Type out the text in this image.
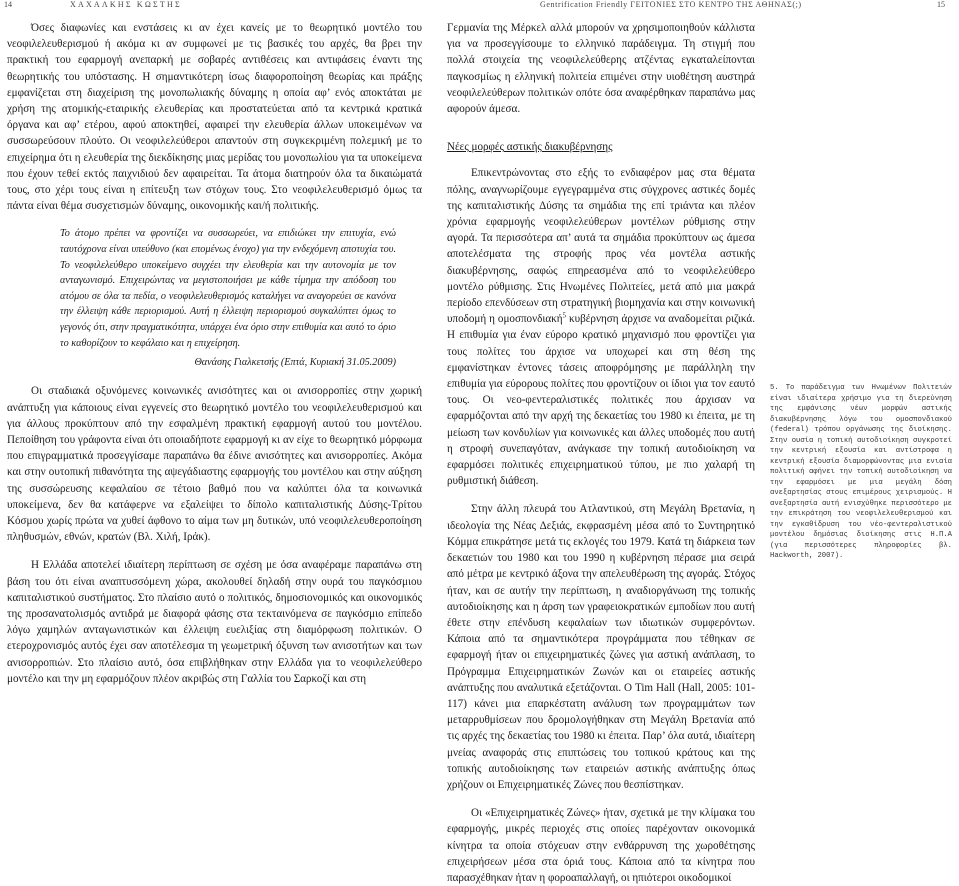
14	ΧΑΧΑΛΚΗΣ ΚΩΣΤΗΣ	Gentrification Friendly ΓΕΙΤΟΝΙΕΣ ΣΤΟ ΚΕΝΤΡΟ ΤΗΣ ΑΘΗΝΑΣ(;)	15

Όσες διαφωνίες και ενστάσεις κι αν έχει κανείς με το θεωρητικό μοντέλο του νεοφιλελευθερισμού ή ακόμα κι αν συμφωνεί με τις βασικές του αρχές, θα βρει την πρακτική του εφαρμογή ανεπαρκή με σοβαρές αντιθέσεις και αντιφάσεις έναντι της θεωρητικής του υπόστασης. Η σημαντικότερη ίσως διαφοροποίηση θεωρίας και πράξης εμφανίζεται στη διαχείριση της μονοπωλιακής δύναμης η οποία αφ’ ενός αποκτάται με χρήση της ατομικής-εταιρικής ελευθερίας και προστατεύεται από τα κεντρικά κρατικά όργανα και αφ’ ετέρου, αφού αποκτηθεί, αφαιρεί την ελευθερία άλλων υποκειμένων να συσσωρεύσουν πλούτο. Οι νεοφιλελεύθεροι απαντούν στη συγκεκριμένη πολεμική με το επιχείρημα ότι η ελευθερία της διεκδίκησης μιας μερίδας του μονοπωλίου για τα υποκείμενα που έχουν τεθεί εκτός παιχνιδιού δεν αφαιρείται. Τα άτομα διατηρούν όλα τα δικαιώματά τους, στο χέρι τους είναι η επίτευξη των στόχων τους. Στο νεοφιλελευθερισμό όμως τα πάντα είναι θέμα συσχετισμών δύναμης, οικονομικής και/ή πολιτικής.

Το άτομο πρέπει να φροντίζει να συσσωρεύει, να επιδιώκει την επιτυχία, ενώ ταυτόχρονα είναι υπεύθυνο (και επομένως ένοχο) για την ενδεχόμενη αποτυχία του. Το νεοφιλελεύθερο υποκείμενο συγχέει την ελευθερία και την αυτονομία με τον ανταγωνισμό. Επιχειρώντας να μεγιστοποιήσει με κάθε τίμημα την απόδοση του ατόμου σε όλα τα πεδία, ο νεοφιλελευθερισμός καταλήγει να αναγορεύει σε κανόνα την έλλειψη κάθε περιορισμού. Αυτή η έλλειψη περιορισμού συγκαλύπτει όμως το γεγονός ότι, στην πραγματικότητα, υπάρχει ένα όριο στην επιθυμία και αυτό το όριο το καθορίζουν το κεφάλαιο και η επιχείρηση.

Θανάσης Γιαλκετσής (Επτά, Κυριακή 31.05.2009)

Οι σταδιακά οξυνόμενες κοινωνικές ανισότητες και οι ανισορροπίες στην χωρική ανάπτυξη για κάποιους είναι εγγενείς στο θεωρητικό μοντέλο του νεοφιλελευθερισμού και για άλλους προκύπτουν από την εσφαλμένη πρακτική εφαρμογή αυτού του μοντέλου. Πεποίθηση του γράφοντα είναι ότι οποιαδήποτε εφαρμογή κι αν είχε το θεωρητικό μόρφωμα που επιγραμματικά προσεγγίσαμε παραπάνω θα έδινε ανισότητες και ανισορροπίες. Ακόμα και στην ουτοπική πιθανότητα της αψεγάδιαστης εφαρμογής του μοντέλου και στην αύξηση της συσσώρευσης κεφαλαίου σε τέτοιο βαθμό που να καλύπτει όλα τα κοινωνικά υποκείμενα, δεν θα κατάφερνε να εξαλείψει το δίπολο καπιταλιστικής Δύσης-Τρίτου Κόσμου χωρίς πρώτα να χυθεί άφθονο το αίμα των μη δυτικών, υπό νεοφιλελευθεροποίηση πληθυσμών, εθνών, κρατών (Βλ. Χιλή, Ιράκ).

Η Ελλάδα αποτελεί ιδιαίτερη περίπτωση σε σχέση με όσα αναφέραμε παραπάνω στη βάση του ότι είναι αναπτυσσόμενη χώρα, ακολουθεί δηλαδή στην ουρά του παγκόσμιου καπιταλιστικού συστήματος. Στο πλαίσιο αυτό ο πολιτικός, δημοσιονομικός και οικονομικός της προσανατολισμός αντιδρά με διαφορά φάσης στα τεκταινόμενα σε παγκόσμιο επίπεδο λόγω χαμηλών ανταγωνιστικών και έλλειψη ευελιξίας στη διαμόρφωση πολιτικών. Ο ετεροχρονισμός αυτός έχει σαν αποτέλεσμα τη γεωμετρική όξυνση των ανισοτήτων και των ανισορροπιών. Στο πλαίσιο αυτό, όσα επιβλήθηκαν στην Ελλάδα για το νεοφιλελεύθερο μοντέλο και την μη εφαρμόζουν πλέον ακριβώς στη Γαλλία του Σαρκοζί και στη

Γερμανία της Μέρκελ αλλά μπορούν να χρησιμοποιηθούν κάλλιστα για να προσεγγίσουμε το ελληνικό παράδειγμα. Τη στιγμή που πολλά στοιχεία της νεοφιλελεύθερης ατζέντας εγκαταλείπονται παγκοσμίως η ελληνική πολιτεία επιμένει στην υιοθέτηση αυστηρά νεοφιλελεύθερων πολιτικών οπότε όσα αναφέρθηκαν παραπάνω μας αφορούν άμεσα.

Νέες μορφές αστικής διακυβέρνησης

Επικεντρώνοντας στο εξής το ενδιαφέρον μας στα θέματα πόλης, αναγνωρίζουμε εγγεγραμμένα στις σύγχρονες αστικές δομές της καπιταλιστικής Δύσης τα σημάδια της επί τριάντα και πλέον χρόνια εφαρμογής νεοφιλελεύθερων μοντέλων ρύθμισης στην αγορά. Τα περισσότερα απ’ αυτά τα σημάδια προκύπτουν ως άμεσα αποτελέσματα της στροφής προς νέα μοντέλα αστικής διακυβέρνησης, σαφώς επηρεασμένα από το νεοφιλελεύθερο μοντέλο ρύθμισης. Στις Ηνωμένες Πολιτείες, μετά από μια μακρά περίοδο επενδύσεων στη στρατηγική βιομηχανία και στην κοινωνική υποδομή η ομοσπονδιακή$^5$ κυβέρνηση άρχισε να αναδομείται ριζικά. Η επιθυμία για έναν εύρορο κρατικό μηχανισμό που φροντίζει για τους πολίτες του άρχισε να υποχωρεί και στη θέση της εμφανίστηκαν έντονες τάσεις αποφρόμησης με παράλληλη την επιθυμία για εύρορους πολίτες που φροντίζουν οι ίδιοι για τον εαυτό τους. Οι νεο-φεντεραλιστικές πολιτικές που άρχισαν να εφαρμόζονται από την αρχή της δεκαετίας του 1980 κι έπειτα, με τη μείωση των κονδυλίων για κοινωνικές και άλλες υποδομές που αυτή η στροφή συνεπαγόταν, ανάγκασε την τοπική αυτοδιοίκηση να εφαρμόσει πολιτικές επιχειρηματικού τύπου, με πιο χαλαρή τη ρυθμιστική διάθεση.

Στην άλλη πλευρά του Ατλαντικού, στη Μεγάλη Βρετανία, η ιδεολογία της Νέας Δεξιάς, εκφρασμένη μέσα από το Συντηρητικό Κόμμα επικράτησε μετά τις εκλογές του 1979. Κατά τη διάρκεια των δεκαετιών του 1980 και του 1990 η κυβέρνηση πέρασε μια σειρά από μέτρα με κεντρικό άξονα την απελευθέρωση της αγοράς. Στόχος ήταν, και σε αυτήν την περίπτωση, η αναδιοργάνωση της τοπικής αυτοδιοίκησης και η άρση των γραφειοκρατικών εμποδίων που αυτή έθετε στην επένδυση κεφαλαίων των ιδιωτικών συμφερόντων. Κάποια από τα σημαντικότερα προγράμματα που τέθηκαν σε εφαρμογή ήταν οι επιχειρηματικές ζώνες για αστική ανάπλαση, το Πρόγραμμα Επιχειρηματικών Ζωνών και οι εταιρείες αστικής ανάπτυξης που αναλυτικά εξετάζονται. Ο Tim Hall (Hall, 2005: 101-117) κάνει μια επαρκέστατη ανάλυση των προγραμμάτων των μεταρρυθμίσεων που δρομολογήθηκαν στη Μεγάλη Βρετανία από τις αρχές της δεκαετίας του 1980 κι έπειτα. Παρ’ όλα αυτά, ιδιαίτερη μνείας αναφοράς στις επιπτώσεις του τοπικού κράτους και της τοπικής αυτοδιοίκησης των εταιρειών αστικής ανάπτυξης όπως χρήζουν οι Επιχειρηματικές Ζώνες που θεσπίστηκαν.

Οι «Επιχειρηματικές Ζώνες» ήταν, σχετικά με την κλίμακα του εφαρμογής, μικρές περιοχές στις οποίες παρέχονταν οικονομικά κίνητρα τα οποία στόχευαν στην ενθάρρυνση της χωροθέτησης επιχειρήσεων μέσα στα όριά τους. Κάποια από τα κίνητρα που παρασχέθηκαν ήταν η φοροαπαλλαγή, οι ηπιότεροι οικοδομικοί

5. Το παράδειγμα των Ηνωμένων Πολιτειών είναι ιδιαίτερα χρήσιμο για τη διερεύνηση της εμφάνισης νέων μορφών αστικής διακυβέρνησης λόγω του ομοσπονδιακού (federal) τρόπου οργάνωσης της διοίκησης. Στην ουσία η τοπική αυτοδιοίκηση συγκροτεί την κεντρική εξουσία και αντίστροφα η κεντρική εξουσία διαμορφώνοντας μια ενιαία πολιτική αφήνει την τοπική αυτοδιοίκηση να την εφαρμόσει με μια μεγάλη δόση ανεξαρτησίας στους επιμέρους χειρισμούς. Η ανεξαρτησία αυτή ενισχύθηκε περισσότερο με την επικράτηση του νεοφιλελευθερισμού και την εγκαθίδρυση του νέο-φεντεραλιστικού μοντέλου δημόσιας διοίκησης στις Η.Π.Α (για περισσότερες πληροφορίες βλ. Hackworth, 2007).
